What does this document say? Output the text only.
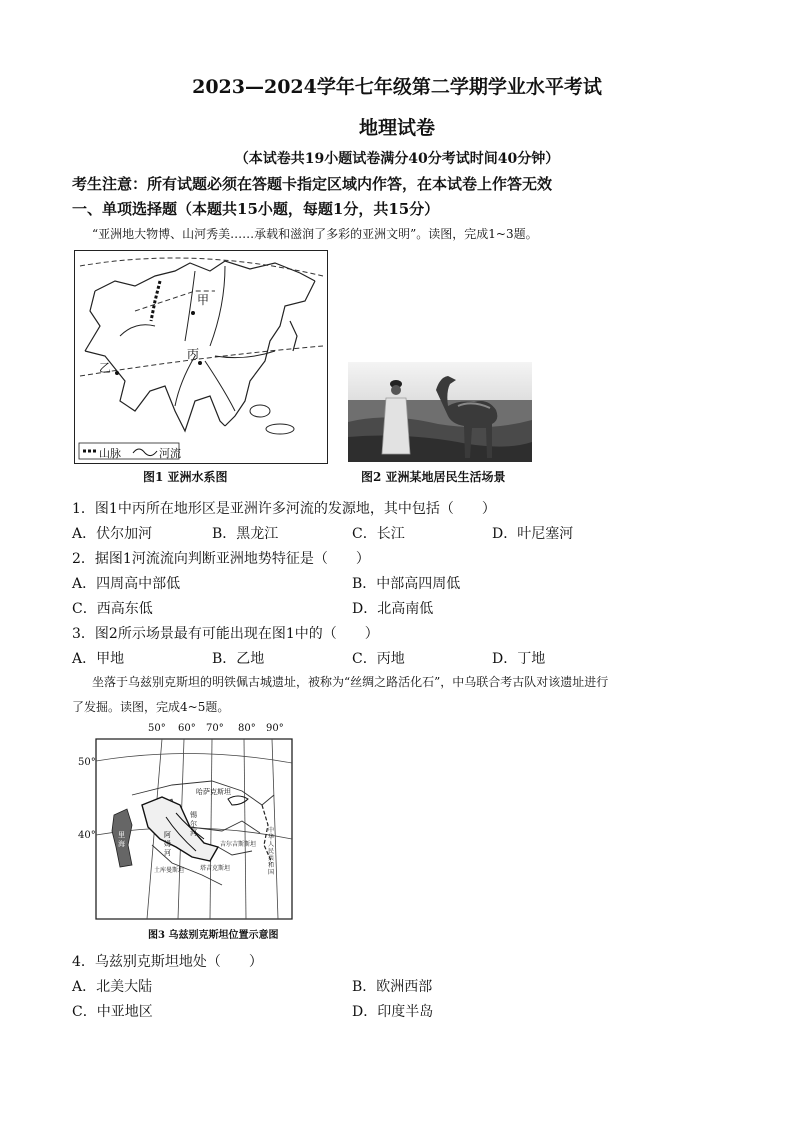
2023—2024学年七年级第二学期学业水平考试
地理试卷
（本试卷共19小题试卷满分40分考试时间40分钟）
考生注意：所有试题必须在答题卡指定区域内作答，在本试卷上作答无效
一、单项选择题（本题共15小题，每题1分，共15分）
“亚洲地大物博、山河秀美……承载和滋润了多彩的亚洲文明”。读图，完成1~3题。
甲
丙
乙
山脉	河流
图1 亚洲水系图	图2 亚洲某地居民生活场景
1．图1中丙所在地形区是亚洲许多河流的发源地，其中包括（　　）
A．伏尔加河	B．黑龙江	C．长江	D．叶尼塞河
2．据图1河流流向判断亚洲地势特征是（　　）
A．四周高中部低	B．中部高四周低
C．西高东低	D．北高南低
3．图2所示场景最有可能出现在图1中的（　　）
A．甲地	B．乙地	C．丙地	D．丁地
坐落于乌兹别克斯坦的明铁佩古城遗址，被称为“丝绸之路活化石”，中乌联合考古队对该遗址进行
了发掘。读图，完成4~5题。
50° 60° 70° 80° 90°
50°
40°
哈萨克斯坦
中华人民共和国
土库曼斯坦	塔吉克斯坦
吉尔吉斯斯坦
里海
阿姆河
锡尔河
图3 乌兹别克斯坦位置示意图
4．乌兹别克斯坦地处（　　）
A．北美大陆	B．欧洲西部
C．中亚地区	D．印度半岛
